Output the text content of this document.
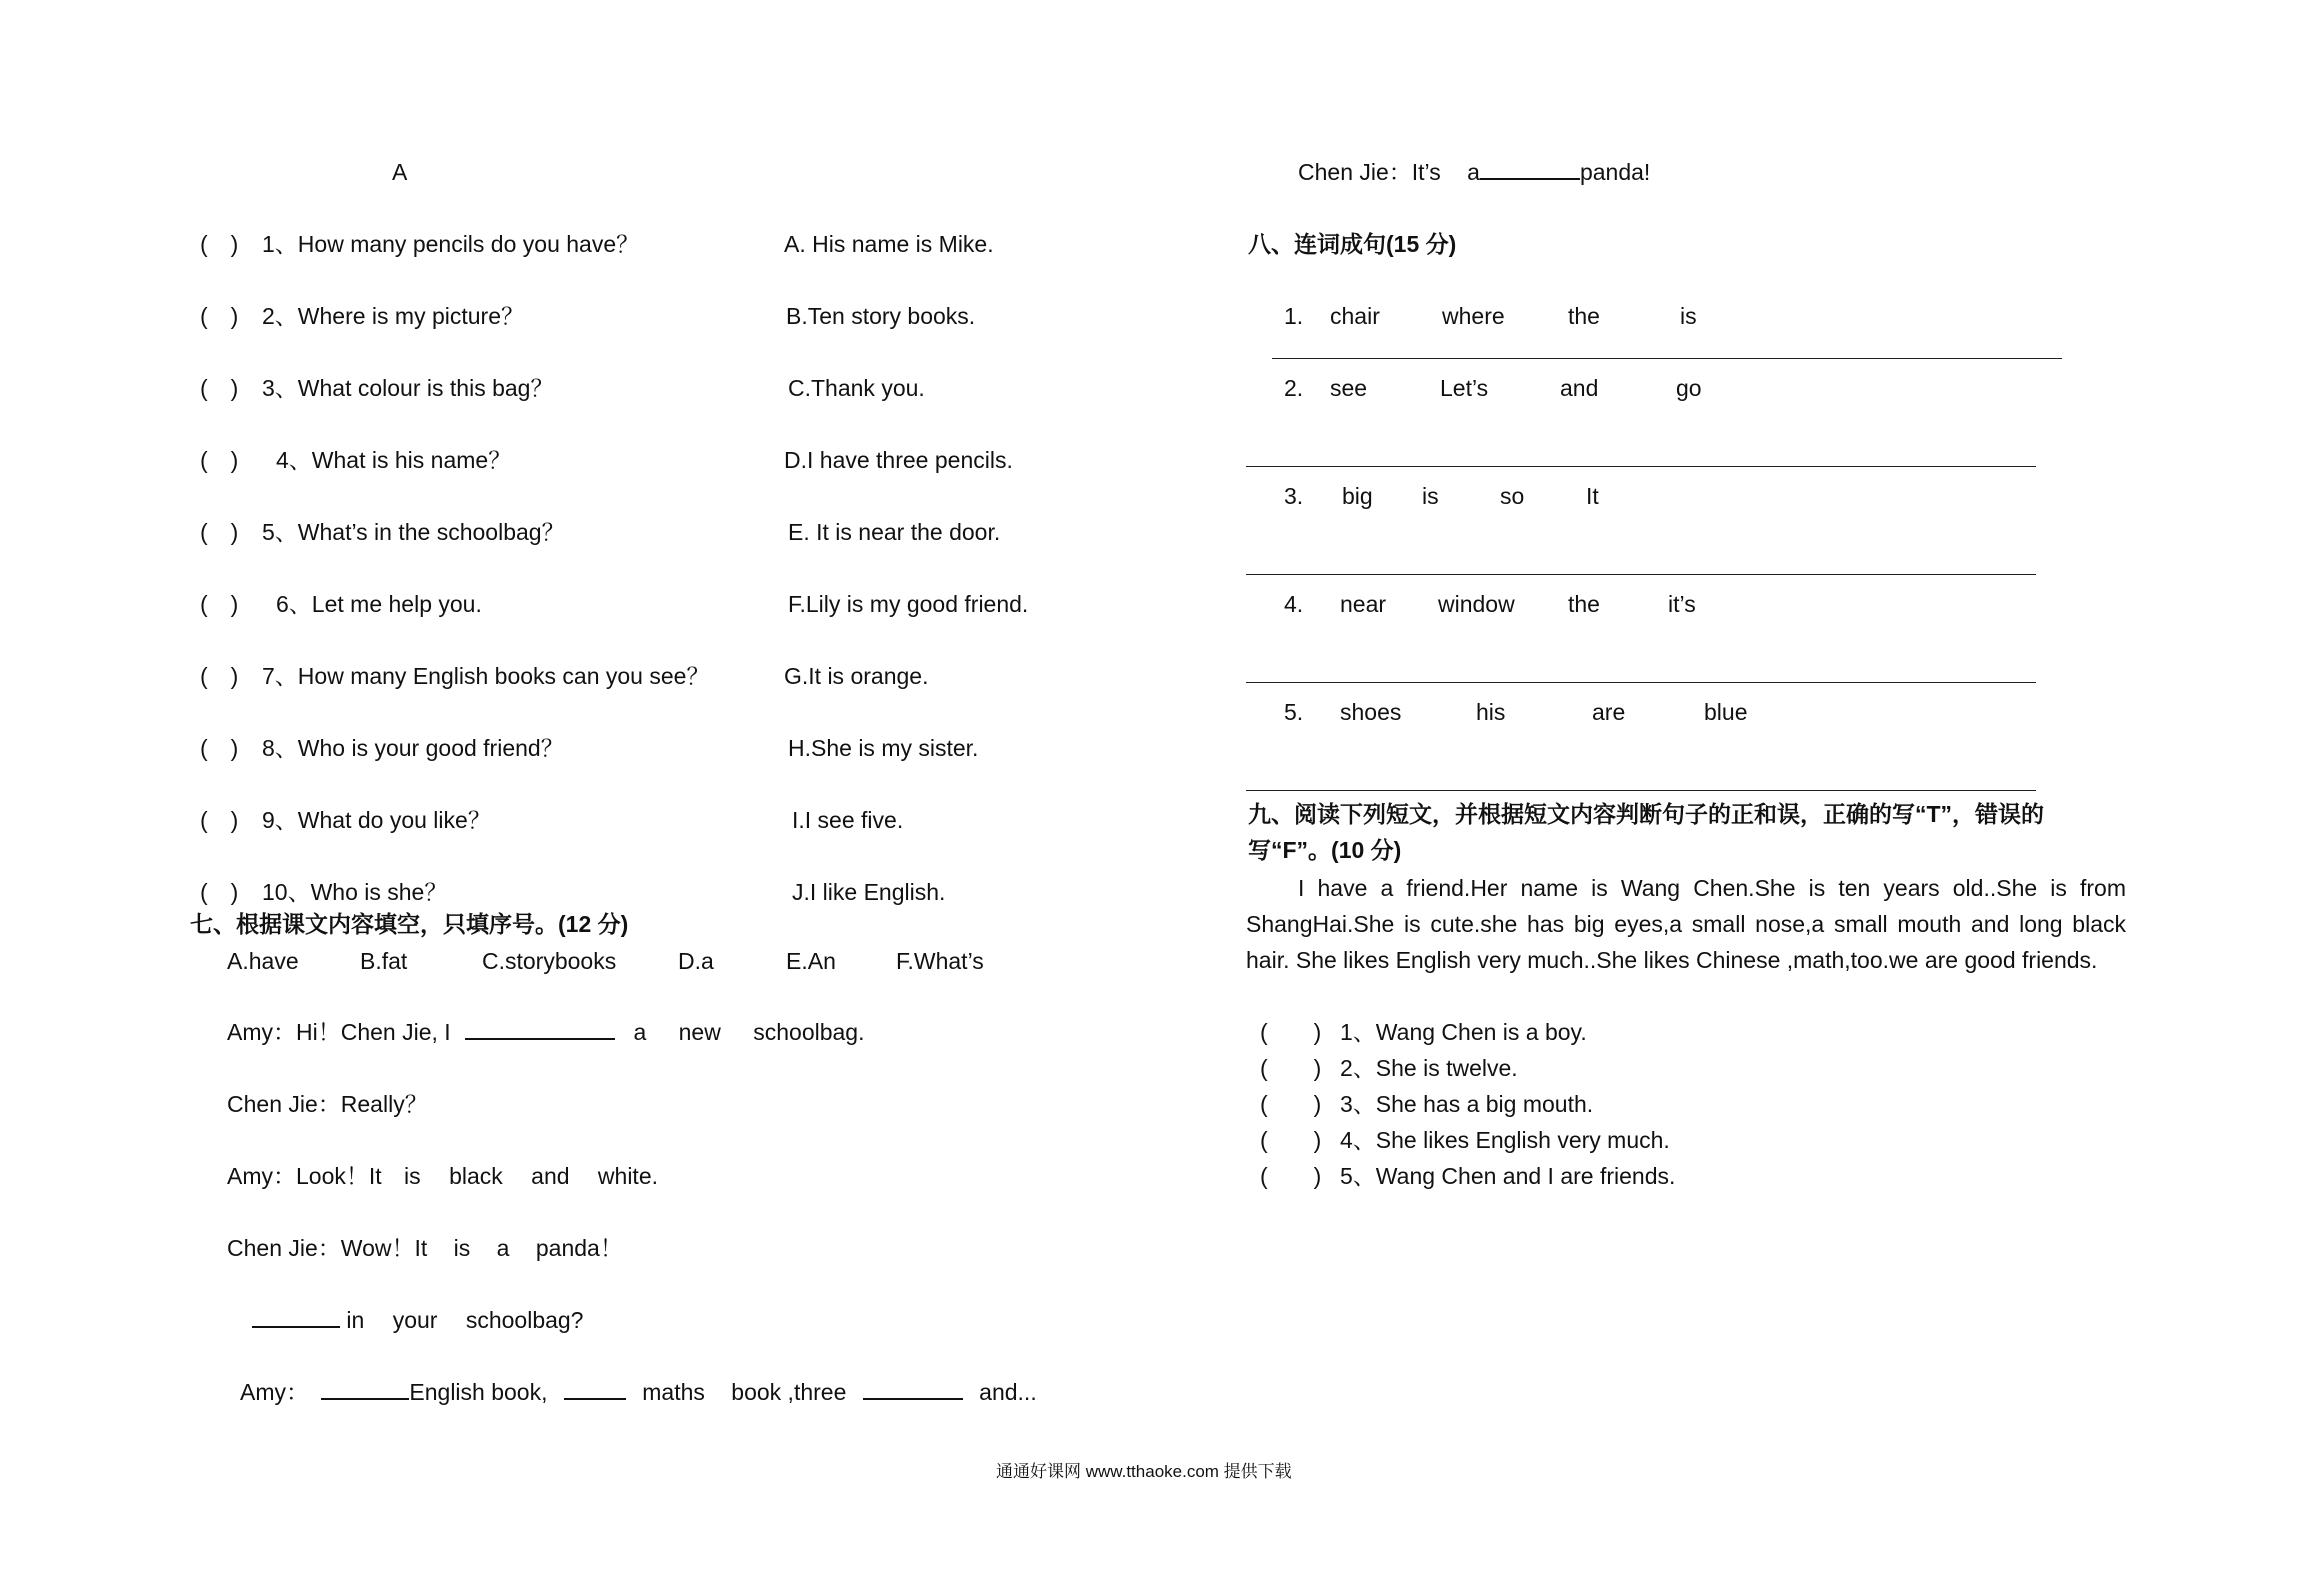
A
(　) 1、How many pencils do you have？	A. His name is Mike.
(　) 2、Where is my picture？	B.Ten story books.
(　) 3、What colour is this bag？	C.Thank you.
(　) 4、What is his name？	D.I have three pencils.
(　) 5、What’s in the schoolbag？	E. It is near the door.
(　) 6、Let me help you.	F.Lily is my good friend.
(　) 7、How many English books can you see？	G.It is orange.
(　) 8、Who is your good friend？	H.She is my sister.
(　) 9、What do you like？	I.I see five.
(　) 10、Who is she？	J.I like English.
七、根据课文内容填空，只填序号。(12 分)
A.have	B.fat	C.storybooks	D.a	E.An	F.What’s
Amy：Hi！Chen Jie, I	a new schoolbag.
Chen Jie：Really？
Amy：Look！It is black and white.
Chen Jie：Wow！It is a panda！
in your schoolbag?
Amy：	English book,	maths book ,three	and...
Chen Jie：It’s a	panda!
八、连词成句(15 分)
1. chair	where	the	is
2. see	Let’s	and	go
3. big is	so	It
4. near window the	it’s
5. shoes	his	are	blue
九、阅读下列短文，并根据短文内容判断句子的正和误，正确的写“T”，错误的
写“F”。(10 分)
I have a friend.Her name is Wang Chen.She is ten years old..She is from ShangHai.She is cute.she has big eyes,a small nose,a small mouth and long black hair. She likes English very much..She likes Chinese ,math,too.we are good friends.
(　　) 1、Wang Chen is a boy.
(　　) 2、She is twelve.
(　　) 3、She has a big mouth.
(　　) 4、She likes English very much.
(　　) 5、Wang Chen and I are friends.
通通好课网 www.tthaoke.com 提供下载
